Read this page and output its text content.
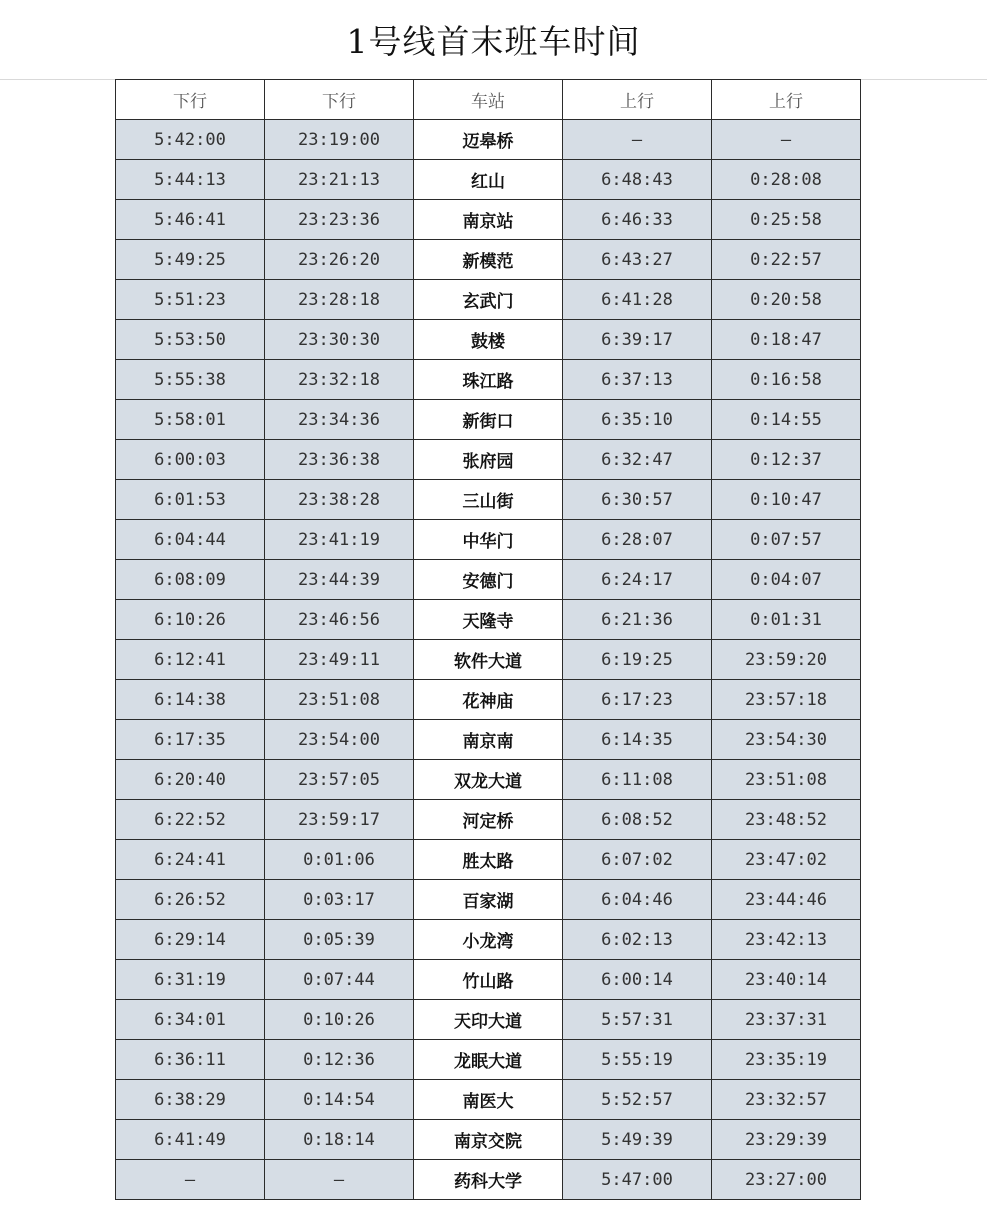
1号线首末班车时间
下行	下行	车站	上行	上行
5:42:00	23:19:00	迈皋桥	—	—
5:44:13	23:21:13	红山	6:48:43	0:28:08
5:46:41	23:23:36	南京站	6:46:33	0:25:58
5:49:25	23:26:20	新模范	6:43:27	0:22:57
5:51:23	23:28:18	玄武门	6:41:28	0:20:58
5:53:50	23:30:30	鼓楼	6:39:17	0:18:47
5:55:38	23:32:18	珠江路	6:37:13	0:16:58
5:58:01	23:34:36	新街口	6:35:10	0:14:55
6:00:03	23:36:38	张府园	6:32:47	0:12:37
6:01:53	23:38:28	三山街	6:30:57	0:10:47
6:04:44	23:41:19	中华门	6:28:07	0:07:57
6:08:09	23:44:39	安德门	6:24:17	0:04:07
6:10:26	23:46:56	天隆寺	6:21:36	0:01:31
6:12:41	23:49:11	软件大道	6:19:25	23:59:20
6:14:38	23:51:08	花神庙	6:17:23	23:57:18
6:17:35	23:54:00	南京南	6:14:35	23:54:30
6:20:40	23:57:05	双龙大道	6:11:08	23:51:08
6:22:52	23:59:17	河定桥	6:08:52	23:48:52
6:24:41	0:01:06	胜太路	6:07:02	23:47:02
6:26:52	0:03:17	百家湖	6:04:46	23:44:46
6:29:14	0:05:39	小龙湾	6:02:13	23:42:13
6:31:19	0:07:44	竹山路	6:00:14	23:40:14
6:34:01	0:10:26	天印大道	5:57:31	23:37:31
6:36:11	0:12:36	龙眠大道	5:55:19	23:35:19
6:38:29	0:14:54	南医大	5:52:57	23:32:57
6:41:49	0:18:14	南京交院	5:49:39	23:29:39
—	—	药科大学	5:47:00	23:27:00
